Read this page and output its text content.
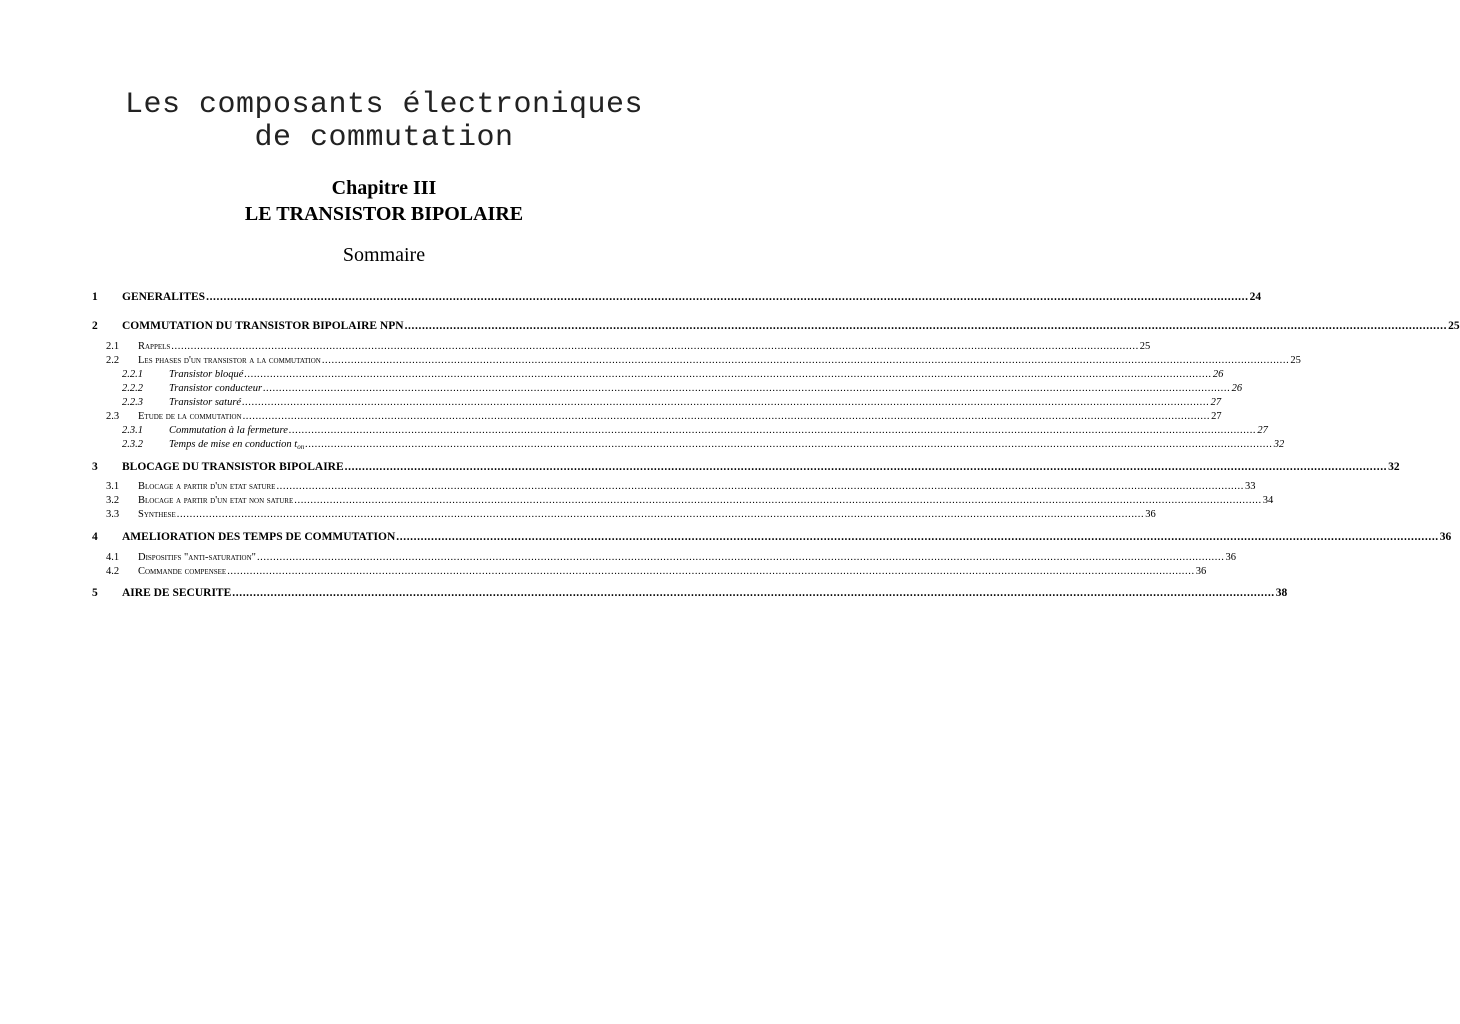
Les composants électroniques
de commutation
Chapitre III
LE TRANSISTOR BIPOLAIRE
Sommaire
1 GENERALITES ............................................................................................................................................................................................................................................................................................................ 24
2 COMMUTATION DU TRANSISTOR BIPOLAIRE NPN ............................................................................................................................................................................................................................................................................................................ 25
2.1 Rappels ............................................................................................................................................................................................................................................................................................................ 25
2.2 Les phases d'un transistor a la commutation ............................................................................................................................................................................................................................................................................................................ 25
2.2.1 Transistor bloqué ............................................................................................................................................................................................................................................................................................................ 26
2.2.2 Transistor conducteur ............................................................................................................................................................................................................................................................................................................ 26
2.2.3 Transistor saturé ............................................................................................................................................................................................................................................................................................................ 27
2.3 Etude de la commutation ............................................................................................................................................................................................................................................................................................................ 27
2.3.1 Commutation à la fermeture ............................................................................................................................................................................................................................................................................................................ 27
2.3.2 Temps de mise en conduction $t_{on}$ ............................................................................................................................................................................................................................................................................................................ 32
3 BLOCAGE DU TRANSISTOR BIPOLAIRE ............................................................................................................................................................................................................................................................................................................ 32
3.1 Blocage a partir d'un etat sature ............................................................................................................................................................................................................................................................................................................ 33
3.2 Blocage a partir d'un etat non sature ............................................................................................................................................................................................................................................................................................................ 34
3.3 Synthese ............................................................................................................................................................................................................................................................................................................ 36
4 AMELIORATION DES TEMPS DE COMMUTATION ............................................................................................................................................................................................................................................................................................................ 36
4.1 Dispositifs "anti-saturation" ............................................................................................................................................................................................................................................................................................................ 36
4.2 Commande compensee ............................................................................................................................................................................................................................................................................................................ 36
5 AIRE DE SECURITE ............................................................................................................................................................................................................................................................................................................ 38
